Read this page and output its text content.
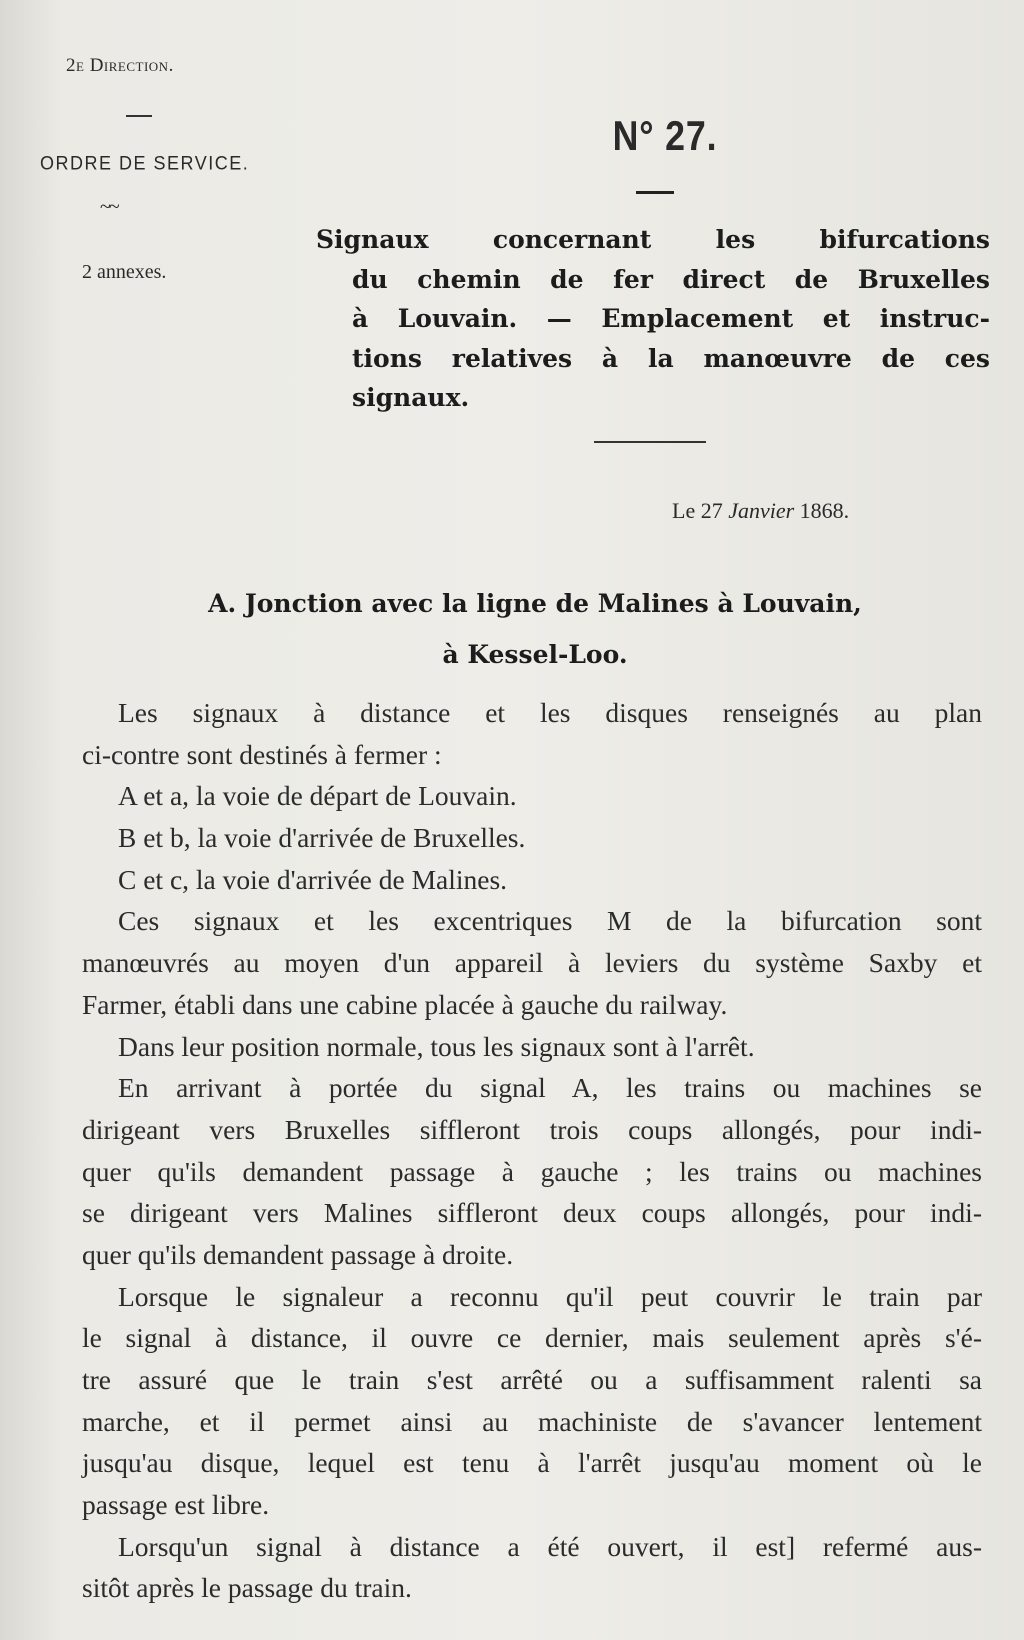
2e Direction.
ORDRE DE SERVICE.
~~
2 annexes.
N° 27.
Signaux concernant les bifurcations
du chemin de fer direct de Bruxelles
à Louvain. — Emplacement et instruc-
tions relatives à la manœuvre de ces
signaux.
Le 27 Janvier 1868.
A. Jonction avec la ligne de Malines à Louvain,
à Kessel-Loo.
Les signaux à distance et les disques renseignés au plan
ci-contre sont destinés à fermer :
A et a, la voie de départ de Louvain.
B et b, la voie d'arrivée de Bruxelles.
C et c, la voie d'arrivée de Malines.
Ces signaux et les excentriques M de la bifurcation sont
manœuvrés au moyen d'un appareil à leviers du système Saxby et
Farmer, établi dans une cabine placée à gauche du railway.
Dans leur position normale, tous les signaux sont à l'arrêt.
En arrivant à portée du signal A, les trains ou machines se
dirigeant vers Bruxelles siffleront trois coups allongés, pour indi-
quer qu'ils demandent passage à gauche ; les trains ou machines
se dirigeant vers Malines siffleront deux coups allongés, pour indi-
quer qu'ils demandent passage à droite.
Lorsque le signaleur a reconnu qu'il peut couvrir le train par
le signal à distance, il ouvre ce dernier, mais seulement après s'é-
tre assuré que le train s'est arrêté ou a suffisamment ralenti sa
marche, et il permet ainsi au machiniste de s'avancer lentement
jusqu'au disque, lequel est tenu à l'arrêt jusqu'au moment où le
passage est libre.
Lorsqu'un signal à distance a été ouvert, il est] refermé aus-
sitôt après le passage du train.
